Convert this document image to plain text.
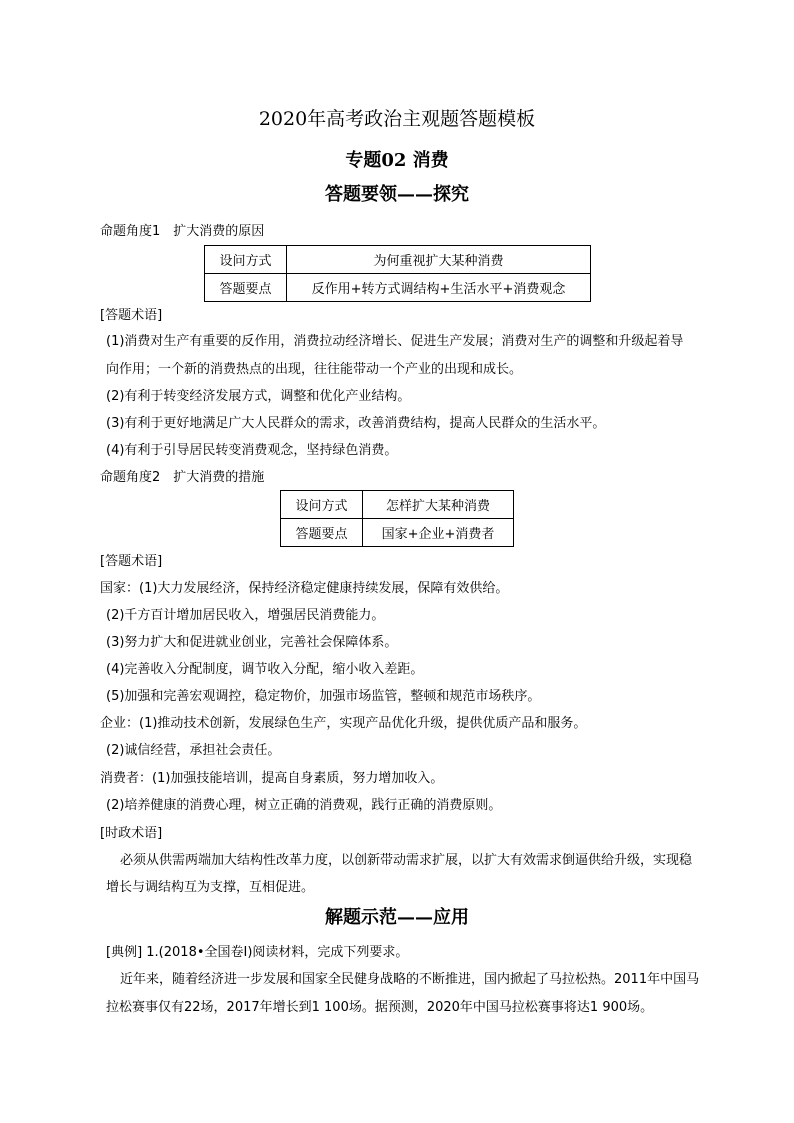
2020年高考政治主观题答题模板
专题02 消费
答题要领——探究
命题角度1　扩大消费的原因
设问方式	为何重视扩大某种消费
答题要点	反作用+转方式调结构+生活水平+消费观念
[答题术语]
(1)消费对生产有重要的反作用，消费拉动经济增长、促进生产发展；消费对生产的调整和升级起着导
向作用；一个新的消费热点的出现，往往能带动一个产业的出现和成长。
(2)有利于转变经济发展方式，调整和优化产业结构。
(3)有利于更好地满足广大人民群众的需求，改善消费结构，提高人民群众的生活水平。
(4)有利于引导居民转变消费观念，坚持绿色消费。
命题角度2　扩大消费的措施
设问方式	怎样扩大某种消费
答题要点	国家+企业+消费者
[答题术语]
国家：(1)大力发展经济，保持经济稳定健康持续发展，保障有效供给。
(2)千方百计增加居民收入，增强居民消费能力。
(3)努力扩大和促进就业创业，完善社会保障体系。
(4)完善收入分配制度，调节收入分配，缩小收入差距。
(5)加强和完善宏观调控，稳定物价，加强市场监管，整顿和规范市场秩序。
企业：(1)推动技术创新，发展绿色生产，实现产品优化升级，提供优质产品和服务。
(2)诚信经营，承担社会责任。
消费者：(1)加强技能培训，提高自身素质，努力增加收入。
(2)培养健康的消费心理，树立正确的消费观，践行正确的消费原则。
[时政术语]
必须从供需两端加大结构性改革力度，以创新带动需求扩展，以扩大有效需求倒逼供给升级，实现稳
增长与调结构互为支撑，互相促进。
解题示范——应用
[典例] 1.(2018•全国卷Ⅰ)阅读材料，完成下列要求。
近年来，随着经济进一步发展和国家全民健身战略的不断推进，国内掀起了马拉松热。2011年中国马
拉松赛事仅有22场，2017年增长到1 100场。据预测，2020年中国马拉松赛事将达1 900场。
